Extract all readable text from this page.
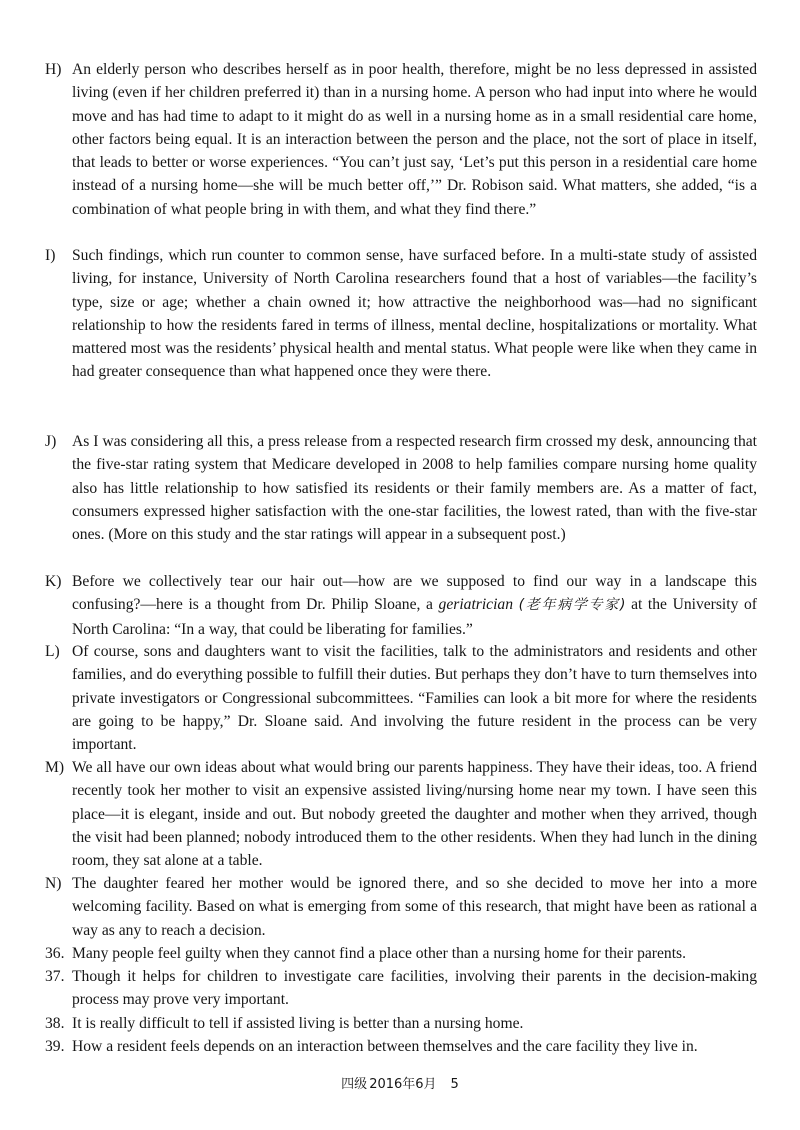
H) An elderly person who describes herself as in poor health, therefore, might be no less depressed in assisted living (even if her children preferred it) than in a nursing home. A person who had input into where he would move and has had time to adapt to it might do as well in a nursing home as in a small residential care home, other factors being equal. It is an interaction between the person and the place, not the sort of place in itself, that leads to better or worse experiences. “You can’t just say, ‘Let’s put this person in a residential care home instead of a nursing home—she will be much better off,’” Dr. Robison said. What matters, she added, “is a combination of what people bring in with them, and what they find there.”
I)	Such findings, which run counter to common sense, have surfaced before. In a multi-state study of assisted living, for instance, University of North Carolina researchers found that a host of variables—the facility’s type, size or age; whether a chain owned it; how attractive the neighborhood was—had no significant relationship to how the residents fared in terms of illness, mental decline, hospitalizations or mortality. What mattered most was the residents’ physical health and mental status. What people were like when they came in had greater consequence than what happened once they were there.
J)	As I was considering all this, a press release from a respected research firm crossed my desk, announcing that the five-star rating system that Medicare developed in 2008 to help families compare nursing home quality also has little relationship to how satisfied its residents or their family members are. As a matter of fact, consumers expressed higher satisfaction with the one-star facilities, the lowest rated, than with the five-star ones. (More on this study and the star ratings will appear in a subsequent post.)
K) Before we collectively tear our hair out—how are we supposed to find our way in a landscape this confusing?—here is a thought from Dr. Philip Sloane, a geriatrician (老年病学专家) at the University of North Carolina: “In a way, that could be liberating for families.”
L) Of course, sons and daughters want to visit the facilities, talk to the administrators and residents and other families, and do everything possible to fulfill their duties. But perhaps they don’t have to turn themselves into private investigators or Congressional subcommittees. “Families can look a bit more for where the residents are going to be happy,” Dr. Sloane said. And involving the future resident in the process can be very important.
M) We all have our own ideas about what would bring our parents happiness. They have their ideas, too. A friend recently took her mother to visit an expensive assisted living/nursing home near my town. I have seen this place—it is elegant, inside and out. But nobody greeted the daughter and mother when they arrived, though the visit had been planned; nobody introduced them to the other residents. When they had lunch in the dining room, they sat alone at a table.
N) The daughter feared her mother would be ignored there, and so she decided to move her into a more welcoming facility. Based on what is emerging from some of this research, that might have been as rational a way as any to reach a decision.
36. Many people feel guilty when they cannot find a place other than a nursing home for their parents.
37. Though it helps for children to investigate care facilities, involving their parents in the decision-making process may prove very important.
38. It is really difficult to tell if assisted living is better than a nursing home.
39. How a resident feels depends on an interaction between themselves and the care facility they live in.
四级 2016年6月 5
